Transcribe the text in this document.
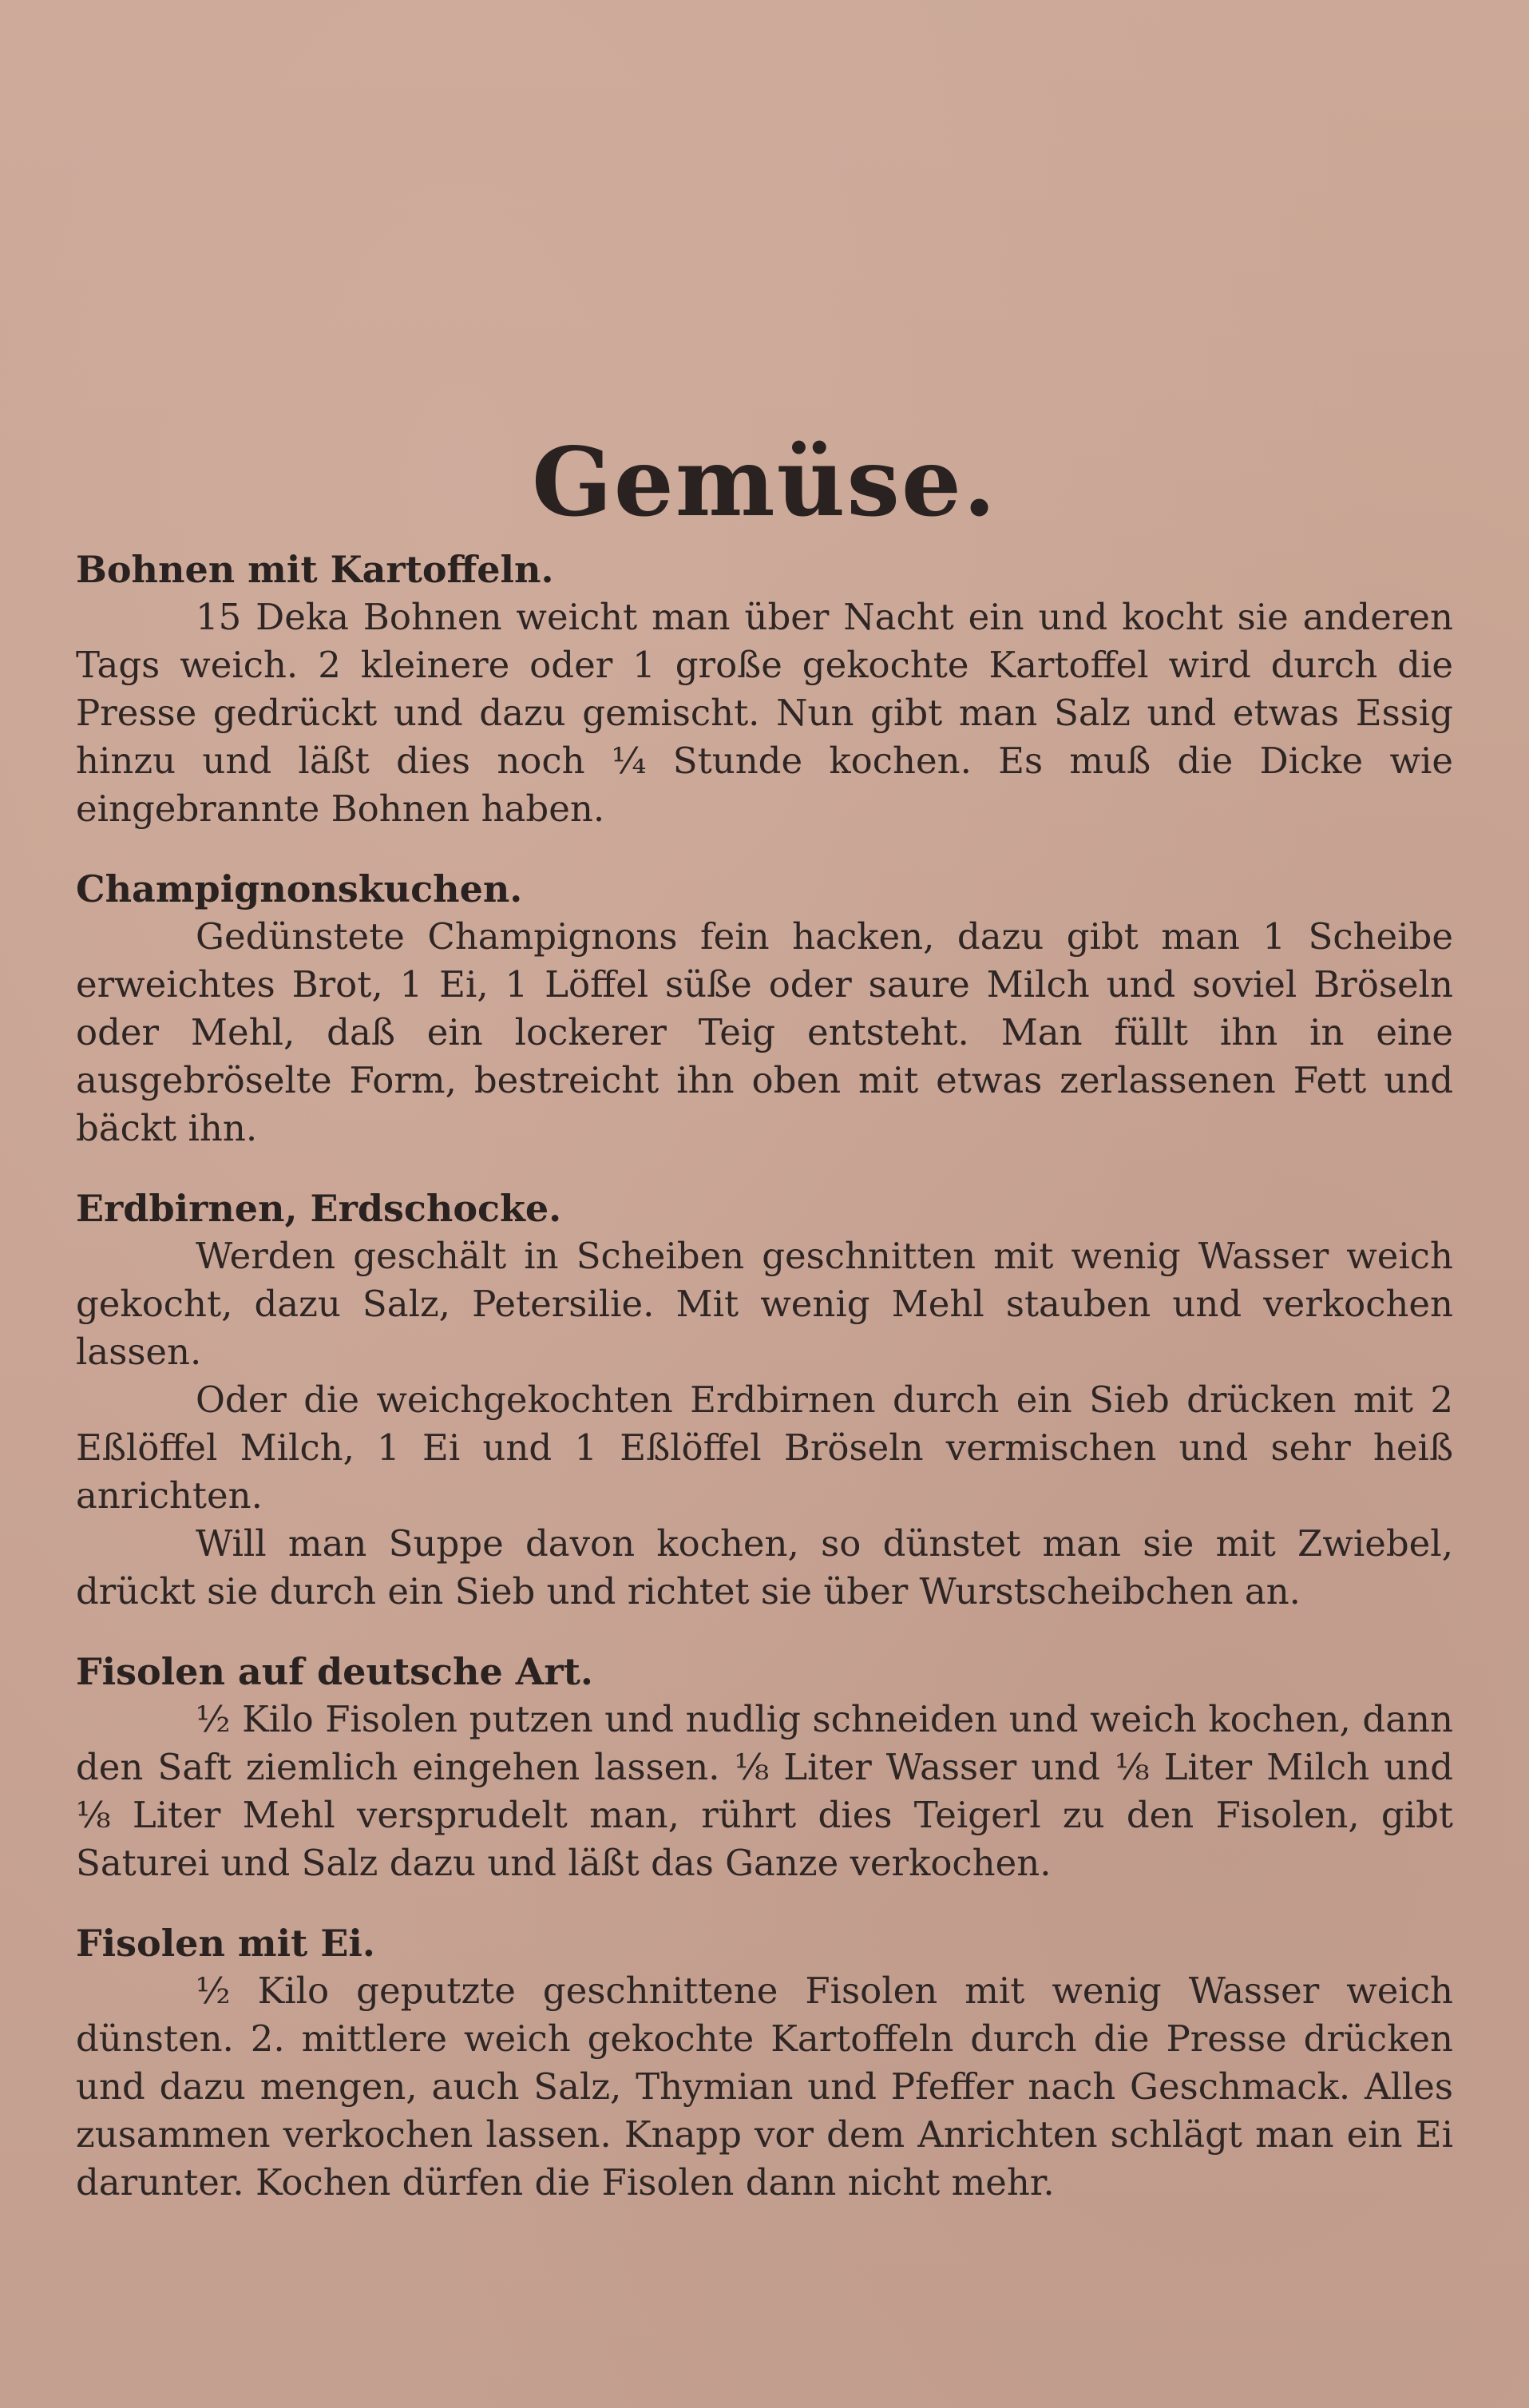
Gemüse.

Bohnen mit Kartoffeln.

15 Deka Bohnen weicht man über Nacht ein und kocht sie anderen Tags weich. 2 kleinere oder 1 große gekochte Kartoffel wird durch die Presse gedrückt und dazu gemischt. Nun gibt man Salz und etwas Essig hinzu und läßt dies noch ¼ Stunde kochen. Es muß die Dicke wie eingebrannte Bohnen haben.

Champignonskuchen.

Gedünstete Champignons fein hacken, dazu gibt man 1 Scheibe erweichtes Brot, 1 Ei, 1 Löffel süße oder saure Milch und soviel Bröseln oder Mehl, daß ein lockerer Teig entsteht. Man füllt ihn in eine ausgebröselte Form, bestreicht ihn oben mit etwas zerlassenen Fett und bäckt ihn.

Erdbirnen, Erdschocke.

Werden geschält in Scheiben geschnitten mit wenig Wasser weich gekocht, dazu Salz, Petersilie. Mit wenig Mehl stauben und verkochen lassen.

Oder die weichgekochten Erdbirnen durch ein Sieb drücken mit 2 Eßlöffel Milch, 1 Ei und 1 Eßlöffel Bröseln vermischen und sehr heiß anrichten.

Will man Suppe davon kochen, so dünstet man sie mit Zwiebel, drückt sie durch ein Sieb und richtet sie über Wurstscheibchen an.

Fisolen auf deutsche Art.

½ Kilo Fisolen putzen und nudlig schneiden und weich kochen, dann den Saft ziemlich eingehen lassen. ⅛ Liter Wasser und ⅛ Liter Milch und ⅛ Liter Mehl versprudelt man, rührt dies Teigerl zu den Fisolen, gibt Saturei und Salz dazu und läßt das Ganze verkochen.

Fisolen mit Ei.

½ Kilo geputzte geschnittene Fisolen mit wenig Wasser weich dünsten. 2. mittlere weich gekochte Kartoffeln durch die Presse drücken und dazu mengen, auch Salz, Thymian und Pfeffer nach Geschmack. Alles zusammen verkochen lassen. Knapp vor dem Anrichten schlägt man ein Ei darunter. Kochen dürfen die Fisolen dann nicht mehr.
